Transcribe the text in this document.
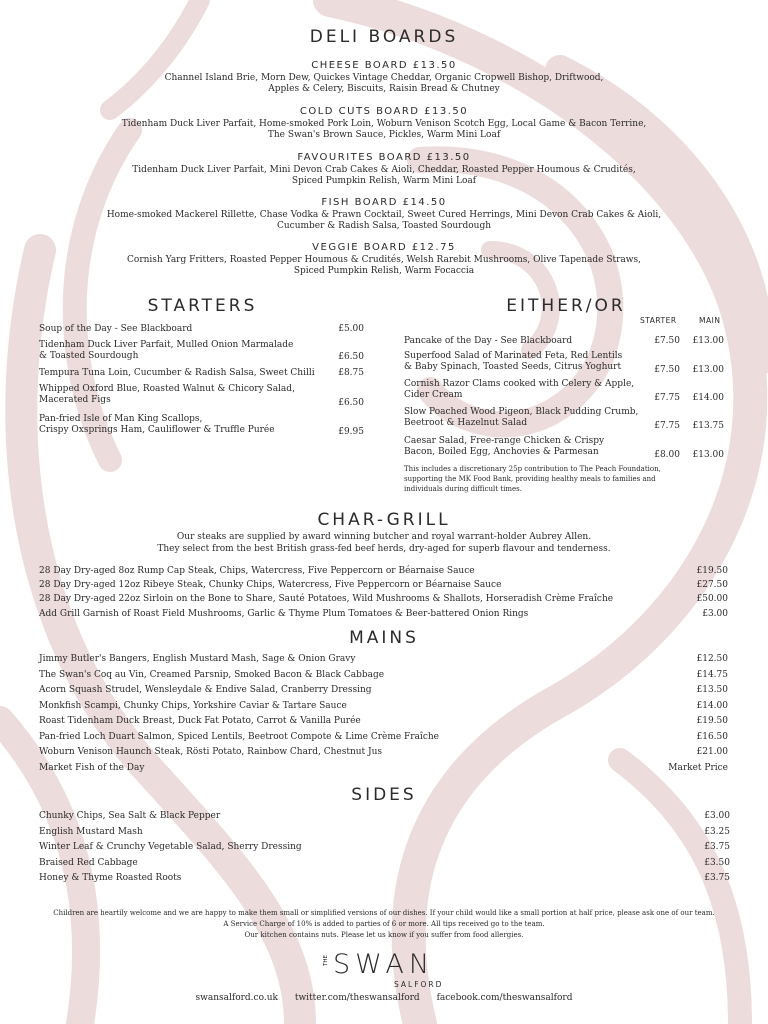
DELI BOARDS
CHEESE BOARD £13.50
Channel Island Brie, Morn Dew, Quickes Vintage Cheddar, Organic Cropwell Bishop, Driftwood,
Apples & Celery, Biscuits, Raisin Bread & Chutney
COLD CUTS BOARD £13.50
Tidenham Duck Liver Parfait, Home-smoked Pork Loin, Woburn Venison Scotch Egg, Local Game & Bacon Terrine,
The Swan's Brown Sauce, Pickles, Warm Mini Loaf
FAVOURITES BOARD £13.50
Tidenham Duck Liver Parfait, Mini Devon Crab Cakes & Aioli, Cheddar, Roasted Pepper Houmous & Crudités,
Spiced Pumpkin Relish, Warm Mini Loaf
FISH BOARD £14.50
Home-smoked Mackerel Rillette, Chase Vodka & Prawn Cocktail, Sweet Cured Herrings, Mini Devon Crab Cakes & Aioli,
Cucumber & Radish Salsa, Toasted Sourdough
VEGGIE BOARD £12.75
Cornish Yarg Fritters, Roasted Pepper Houmous & Crudités, Welsh Rarebit Mushrooms, Olive Tapenade Straws,
Spiced Pumpkin Relish, Warm Focaccia
STARTERS
Soup of the Day - See Blackboard	£5.00
Tidenham Duck Liver Parfait, Mulled Onion Marmalade
& Toasted Sourdough	£6.50
Tempura Tuna Loin, Cucumber & Radish Salsa, Sweet Chilli	£8.75
Whipped Oxford Blue, Roasted Walnut & Chicory Salad,
Macerated Figs	£6.50
Pan-fried Isle of Man King Scallops,
Crispy Oxsprings Ham, Cauliflower & Truffle Purée	£9.95
EITHER/OR
STARTER	MAIN
Pancake of the Day - See Blackboard	£7.50	£13.00
Superfood Salad of Marinated Feta, Red Lentils
& Baby Spinach, Toasted Seeds, Citrus Yoghurt	£7.50	£13.00
Cornish Razor Clams cooked with Celery & Apple,
Cider Cream	£7.75	£14.00
Slow Poached Wood Pigeon, Black Pudding Crumb,
Beetroot & Hazelnut Salad	£7.75	£13.75
Caesar Salad, Free-range Chicken & Crispy
Bacon, Boiled Egg, Anchovies & Parmesan	£8.00	£13.00
This includes a discretionary 25p contribution to The Peach Foundation,
supporting the MK Food Bank, providing healthy meals to families and
individuals during difficult times.
CHAR-GRILL
Our steaks are supplied by award winning butcher and royal warrant-holder Aubrey Allen.
They select from the best British grass-fed beef herds, dry-aged for superb flavour and tenderness.
28 Day Dry-aged 8oz Rump Cap Steak, Chips, Watercress, Five Peppercorn or Béarnaise Sauce	£19.50
28 Day Dry-aged 12oz Ribeye Steak, Chunky Chips, Watercress, Five Peppercorn or Béarnaise Sauce	£27.50
28 Day Dry-aged 22oz Sirloin on the Bone to Share, Sauté Potatoes, Wild Mushrooms & Shallots, Horseradish Crème Fraîche	£50.00
Add Grill Garnish of Roast Field Mushrooms, Garlic & Thyme Plum Tomatoes & Beer-battered Onion Rings	£3.00
MAINS
Jimmy Butler's Bangers, English Mustard Mash, Sage & Onion Gravy	£12.50
The Swan's Coq au Vin, Creamed Parsnip, Smoked Bacon & Black Cabbage	£14.75
Acorn Squash Strudel, Wensleydale & Endive Salad, Cranberry Dressing	£13.50
Monkfish Scampi, Chunky Chips, Yorkshire Caviar & Tartare Sauce	£14.00
Roast Tidenham Duck Breast, Duck Fat Potato, Carrot & Vanilla Purée	£19.50
Pan-fried Loch Duart Salmon, Spiced Lentils, Beetroot Compote & Lime Crème Fraîche	£16.50
Woburn Venison Haunch Steak, Rösti Potato, Rainbow Chard, Chestnut Jus	£21.00
Market Fish of the Day	Market Price
SIDES
Chunky Chips, Sea Salt & Black Pepper	£3.00
English Mustard Mash	£3.25
Winter Leaf & Crunchy Vegetable Salad, Sherry Dressing	£3.75
Braised Red Cabbage	£3.50
Honey & Thyme Roasted Roots	£3.75
Children are heartily welcome and we are happy to make them small or simplified versions of our dishes. If your child would like a small portion at half price, please ask one of our team.
A Service Charge of 10% is added to parties of 6 or more. All tips received go to the team.
Our kitchen contains nuts. Please let us know if you suffer from food allergies.
THE SWAN
SALFORD
swansalford.co.uk twitter.com/theswansalford facebook.com/theswansalford
